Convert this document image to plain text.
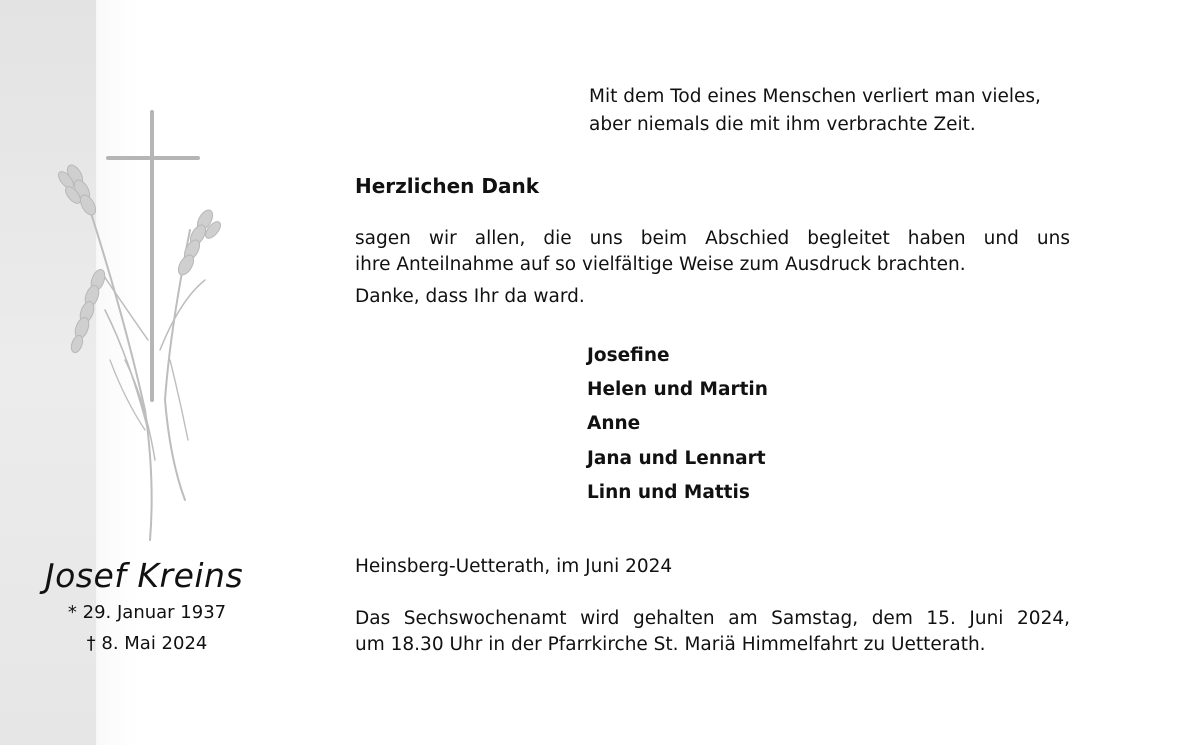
Mit dem Tod eines Menschen verliert man vieles,
aber niemals die mit ihm verbrachte Zeit.
Herzlichen Dank
sagen wir allen, die uns beim Abschied begleitet haben und uns
ihre Anteilnahme auf so vielfältige Weise zum Ausdruck brachten.
Danke, dass Ihr da ward.
Josefine
Helen und Martin
Anne
Jana und Lennart
Linn und Mattis
Heinsberg-Uetterath, im Juni 2024
Das Sechswochenamt wird gehalten am Samstag, dem 15. Juni 2024,
um 18.30 Uhr in der Pfarrkirche St. Mariä Himmelfahrt zu Uetterath.
Josef Kreins
* 29. Januar 1937
† 8. Mai 2024
